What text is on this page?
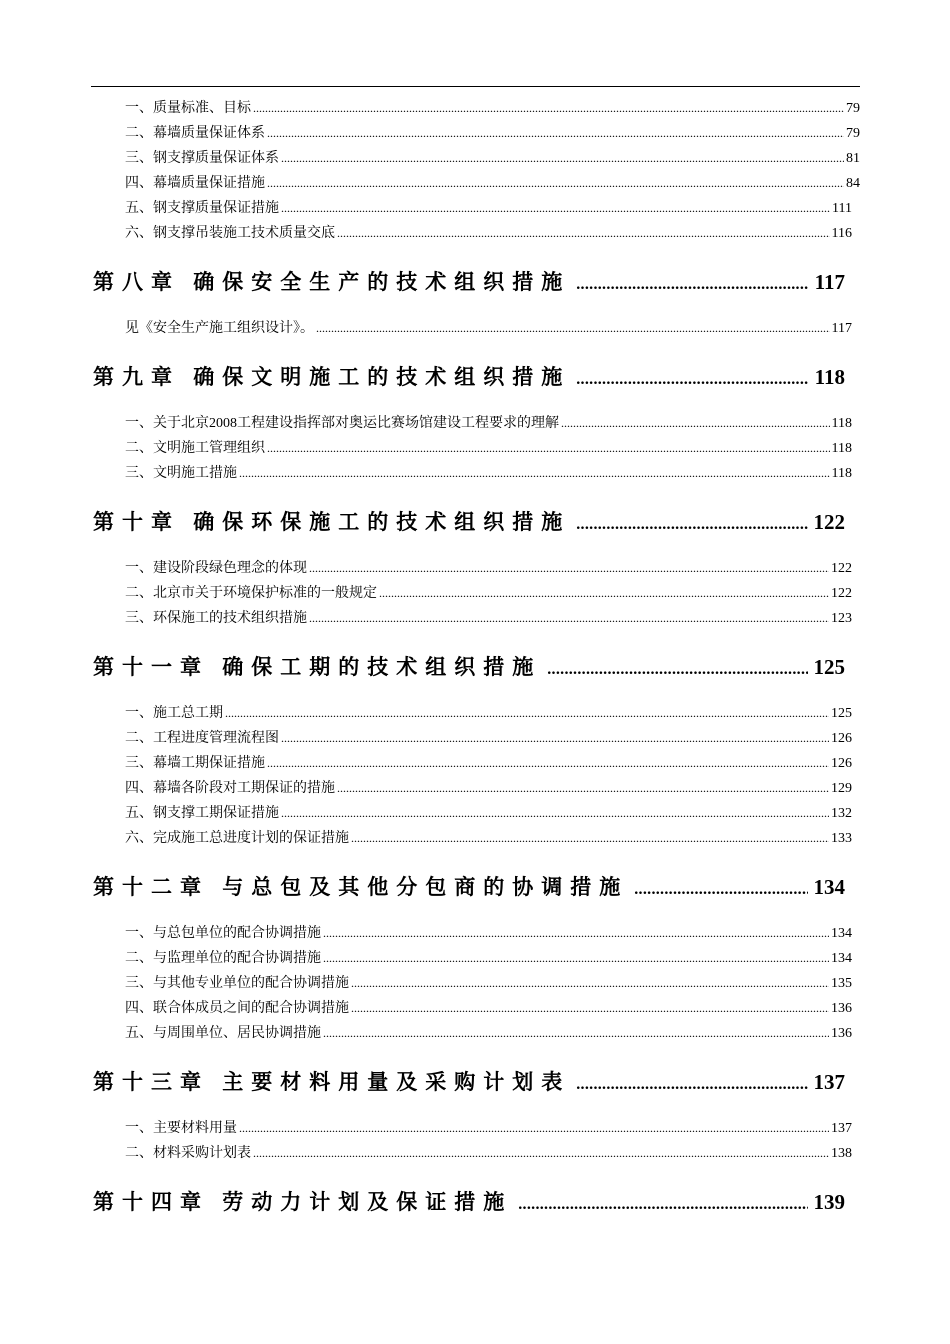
一、质量标准、目标 .....	79
二、幕墙质量保证体系 .....	79
三、钢支撑质量保证体系 .....	81
四、幕墙质量保证措施 .....	84
五、钢支撑质量保证措施 .....	111
六、钢支撑吊装施工技术质量交底 .....	116
第八章 确保安全生产的技术组织措施 .....	117
见《安全生产施工组织设计》。 .....	117
第九章 确保文明施工的技术组织措施 .....	118
一、关于北京2008工程建设指挥部对奥运比赛场馆建设工程要求的理解 .....	118
二、文明施工管理组织 .....	118
三、文明施工措施 .....	118
第十章 确保环保施工的技术组织措施 .....	122
一、建设阶段绿色理念的体现 .....	122
二、北京市关于环境保护标准的一般规定 .....	122
三、环保施工的技术组织措施 .....	123
第十一章 确保工期的技术组织措施 .....	125
一、施工总工期 .....	125
二、工程进度管理流程图 .....	126
三、幕墙工期保证措施 .....	126
四、幕墙各阶段对工期保证的措施 .....	129
五、钢支撑工期保证措施 .....	132
六、完成施工总进度计划的保证措施 .....	133
第十二章 与总包及其他分包商的协调措施 .....	134
一、与总包单位的配合协调措施 .....	134
二、与监理单位的配合协调措施 .....	134
三、与其他专业单位的配合协调措施 .....	135
四、联合体成员之间的配合协调措施 .....	136
五、与周围单位、居民协调措施 .....	136
第十三章 主要材料用量及采购计划表 .....	137
一、主要材料用量 .....	137
二、材料采购计划表 .....	138
第十四章 劳动力计划及保证措施 .....	139
